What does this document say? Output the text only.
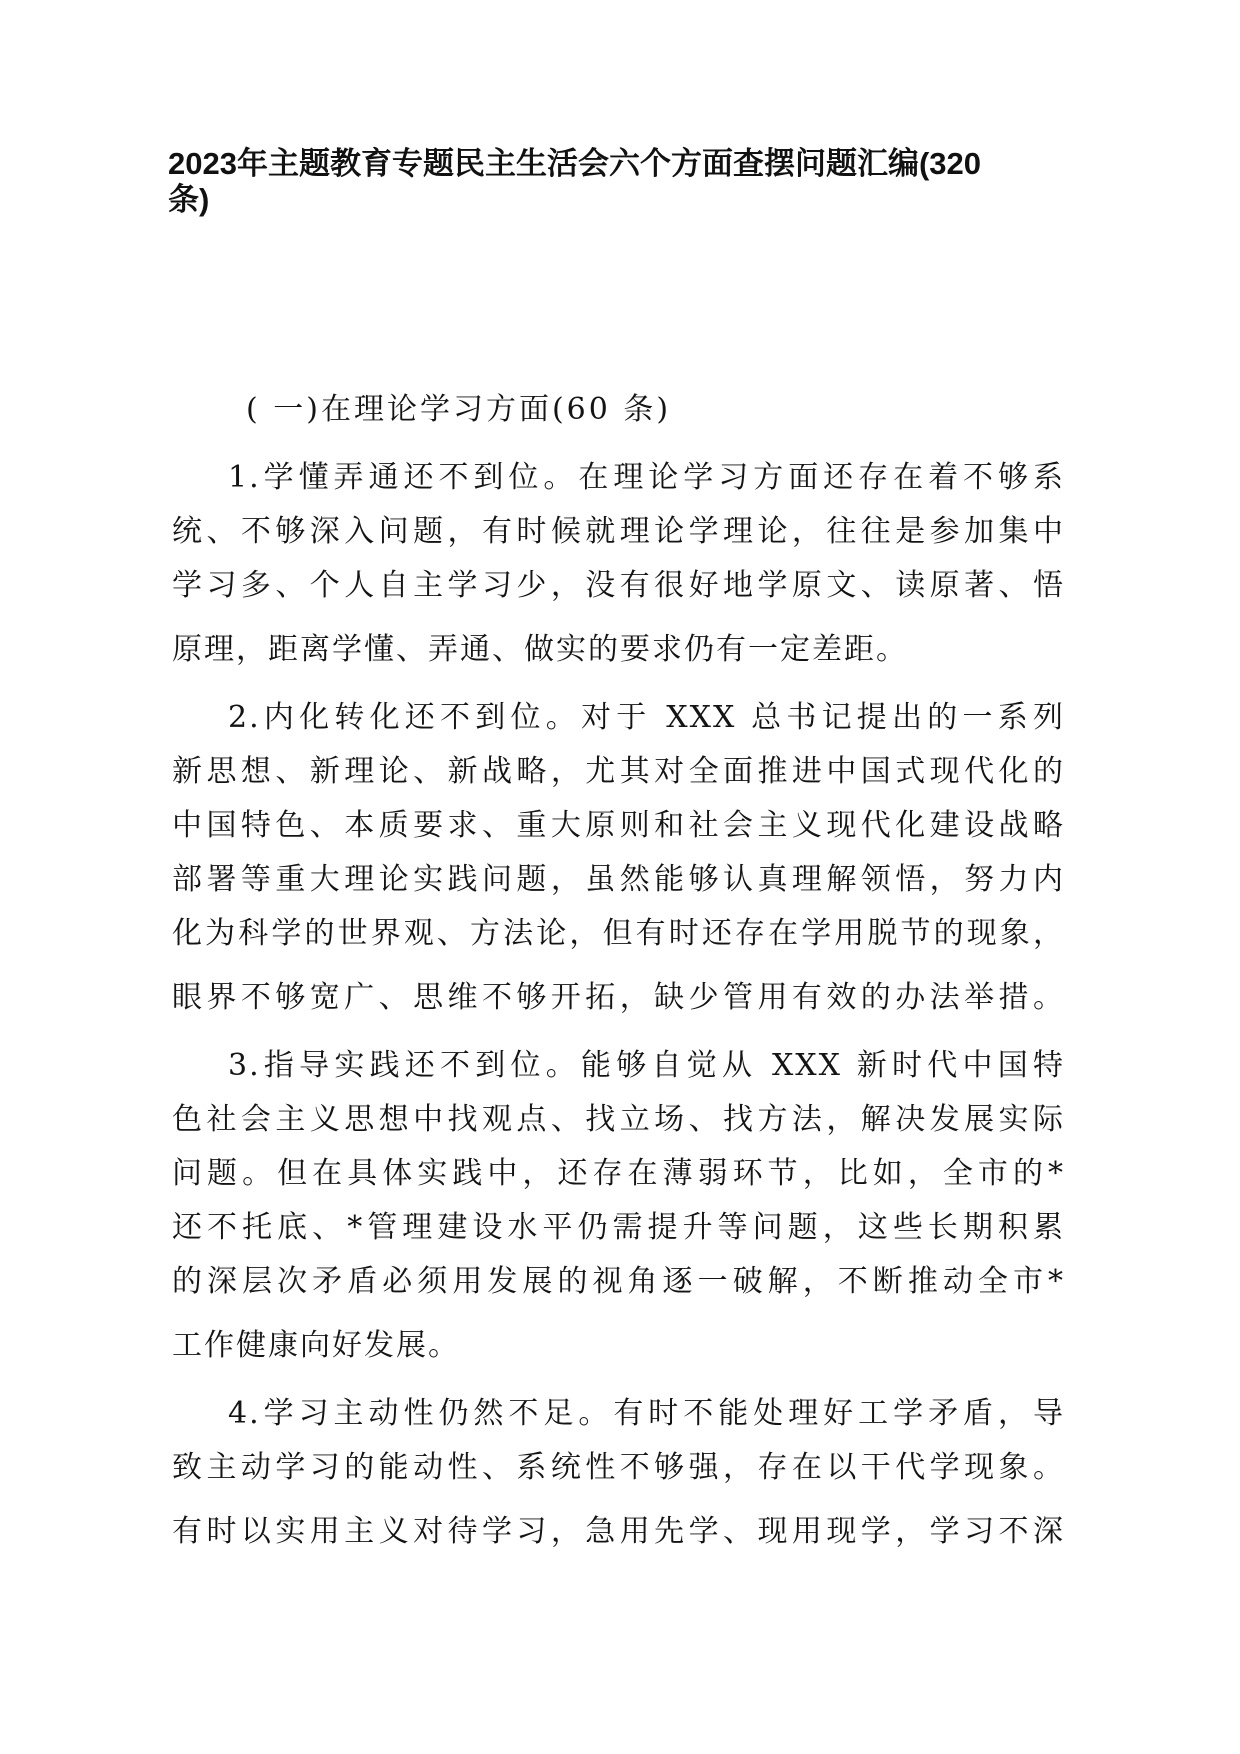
2023年主题教育专题民主生活会六个方面查摆问题汇编(320条)
( 一)在理论学习方面(60 条)
1.学懂弄通还不到位。在理论学习方面还存在着不够系
统、不够深入问题，有时候就理论学理论，往往是参加集中
学习多、个人自主学习少，没有很好地学原文、读原著、悟
原理，距离学懂、弄通、做实的要求仍有一定差距。
2.内化转化还不到位。对于 XXX 总书记提出的一系列
新思想、新理论、新战略，尤其对全面推进中国式现代化的
中国特色、本质要求、重大原则和社会主义现代化建设战略
部署等重大理论实践问题，虽然能够认真理解领悟，努力内
化为科学的世界观、方法论，但有时还存在学用脱节的现象，
眼界不够宽广、思维不够开拓，缺少管用有效的办法举措。
3.指导实践还不到位。能够自觉从 XXX 新时代中国特
色社会主义思想中找观点、找立场、找方法，解决发展实际
问题。但在具体实践中，还存在薄弱环节，比如，全市的*
还不托底、*管理建设水平仍需提升等问题，这些长期积累
的深层次矛盾必须用发展的视角逐一破解，不断推动全市*
工作健康向好发展。
4.学习主动性仍然不足。有时不能处理好工学矛盾，导
致主动学习的能动性、系统性不够强，存在以干代学现象。
有时以实用主义对待学习，急用先学、现用现学，学习不深
